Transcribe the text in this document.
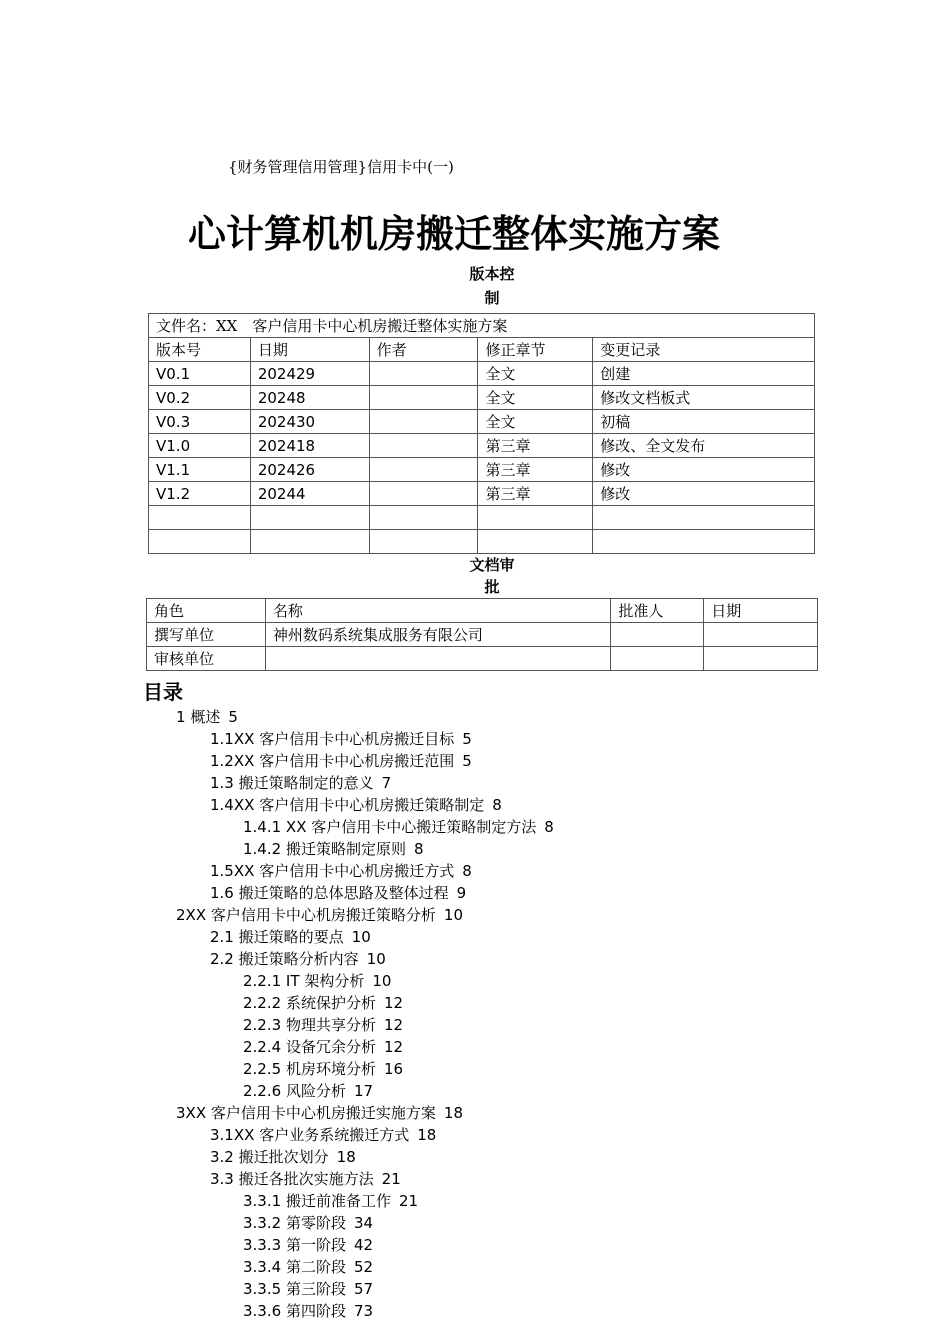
{财务管理信用管理}信用卡中(一)
心计算机机房搬迁整体实施方案
版本控
制
文件名：XX　客户信用卡中心机房搬迁整体实施方案				
版本号	日期	作者	修正章节	变更记录
V0.1	202429		全文	创建
V0.2	20248		全文	修改文档板式
V0.3	202430		全文	初稿
V1.0	202418		第三章	修改、全文发布
V1.1	202426		第三章	修改
V1.2	20244		第三章	修改

文档审
批
角色	名称	批准人	日期
撰写单位	神州数码系统集成服务有限公司		
审核单位			
目录
1 概述 5
1.1XX 客户信用卡中心机房搬迁目标 5
1.2XX 客户信用卡中心机房搬迁范围 5
1.3 搬迁策略制定的意义 7
1.4XX 客户信用卡中心机房搬迁策略制定 8
1.4.1 XX 客户信用卡中心搬迁策略制定方法 8
1.4.2 搬迁策略制定原则 8
1.5XX 客户信用卡中心机房搬迁方式 8
1.6 搬迁策略的总体思路及整体过程 9
2XX 客户信用卡中心机房搬迁策略分析 10
2.1 搬迁策略的要点 10
2.2 搬迁策略分析内容 10
2.2.1 IT 架构分析 10
2.2.2 系统保护分析 12
2.2.3 物理共享分析 12
2.2.4 设备冗余分析 12
2.2.5 机房环境分析 16
2.2.6 风险分析 17
3XX 客户信用卡中心机房搬迁实施方案 18
3.1XX 客户业务系统搬迁方式 18
3.2 搬迁批次划分 18
3.3 搬迁各批次实施方法 21
3.3.1 搬迁前准备工作 21
3.3.2 第零阶段 34
3.3.3 第一阶段 42
3.3.4 第二阶段 52
3.3.5 第三阶段 57
3.3.6 第四阶段 73
